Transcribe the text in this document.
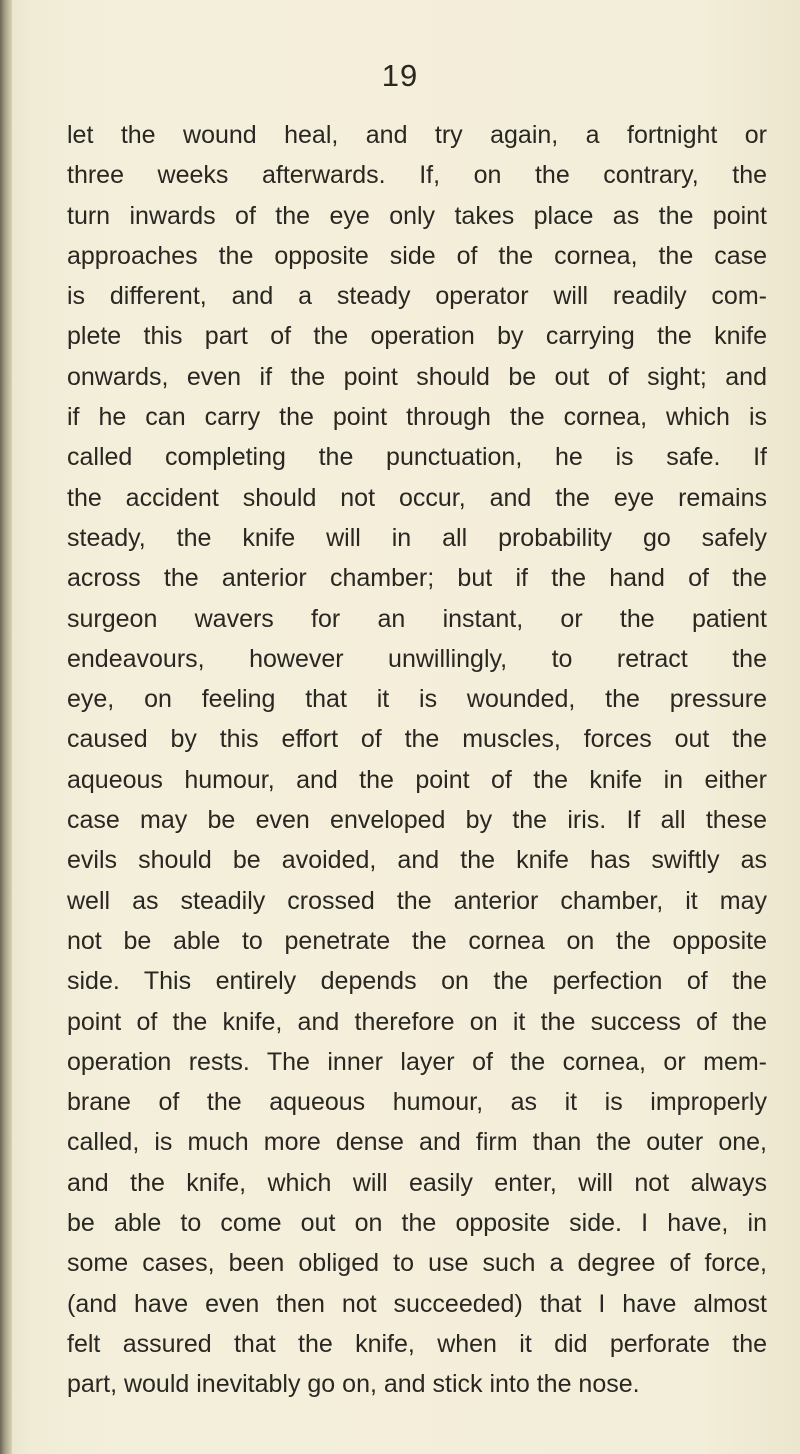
19
let the wound heal, and try again, a fortnight or
three weeks afterwards. If, on the contrary, the
turn inwards of the eye only takes place as the point
approaches the opposite side of the cornea, the case
is different, and a steady operator will readily com-
plete this part of the operation by carrying the knife
onwards, even if the point should be out of sight; and
if he can carry the point through the cornea, which is
called completing the punctuation, he is safe. If
the accident should not occur, and the eye remains
steady, the knife will in all probability go safely
across the anterior chamber; but if the hand of the
surgeon wavers for an instant, or the patient
endeavours, however unwillingly, to retract the
eye, on feeling that it is wounded, the pressure
caused by this effort of the muscles, forces out the
aqueous humour, and the point of the knife in either
case may be even enveloped by the iris. If all these
evils should be avoided, and the knife has swiftly as
well as steadily crossed the anterior chamber, it may
not be able to penetrate the cornea on the opposite
side. This entirely depends on the perfection of the
point of the knife, and therefore on it the success of the
operation rests. The inner layer of the cornea, or mem-
brane of the aqueous humour, as it is improperly
called, is much more dense and firm than the outer one,
and the knife, which will easily enter, will not always
be able to come out on the opposite side. I have, in
some cases, been obliged to use such a degree of force,
(and have even then not succeeded) that I have almost
felt assured that the knife, when it did perforate the
part, would inevitably go on, and stick into the nose.
